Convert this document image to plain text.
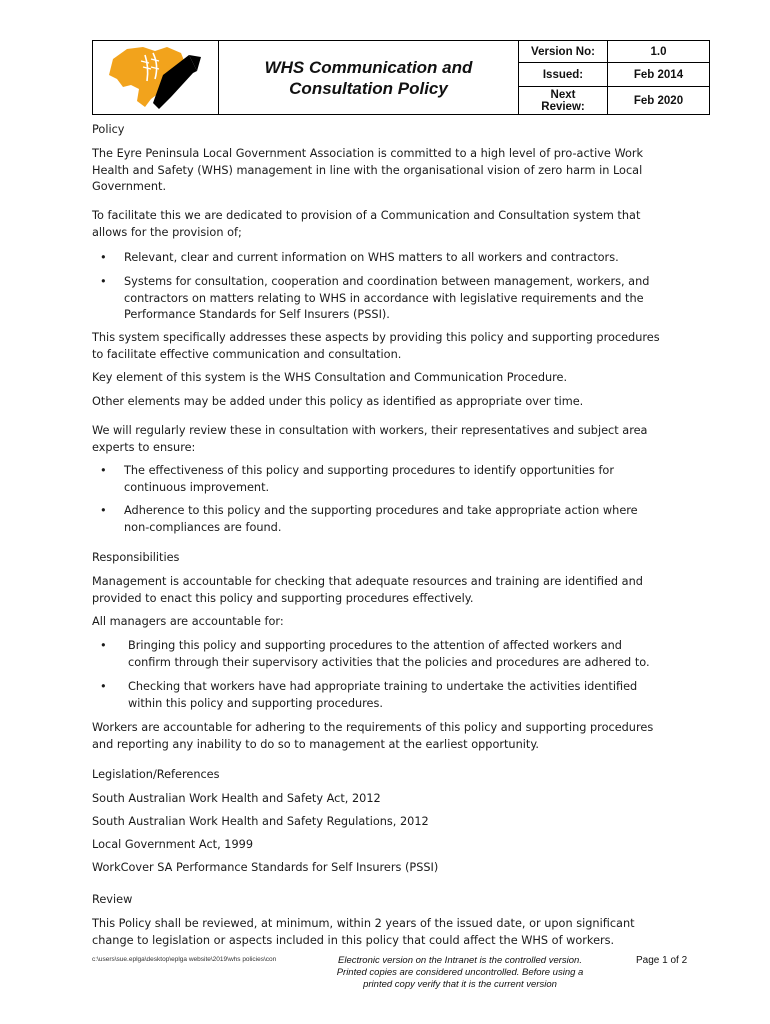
WHS Communication and
Consultation Policy
Version No:	1.0
Issued:	Feb 2014
Next
Review:	Feb 2020
Policy
The Eyre Peninsula Local Government Association is committed to a high level of pro-active Work
Health and Safety (WHS) management in line with the organisational vision of zero harm in Local
Government.
To facilitate this we are dedicated to provision of a Communication and Consultation system that
allows for the provision of;
• Relevant, clear and current information on WHS matters to all workers and contractors.
• Systems for consultation, cooperation and coordination between management, workers, and
contractors on matters relating to WHS in accordance with legislative requirements and the
Performance Standards for Self Insurers (PSSI).
This system specifically addresses these aspects by providing this policy and supporting procedures
to facilitate effective communication and consultation.
Key element of this system is the WHS Consultation and Communication Procedure.
Other elements may be added under this policy as identified as appropriate over time.
We will regularly review these in consultation with workers, their representatives and subject area
experts to ensure:
• The effectiveness of this policy and supporting procedures to identify opportunities for
continuous improvement.
• Adherence to this policy and the supporting procedures and take appropriate action where
non-compliances are found.
Responsibilities
Management is accountable for checking that adequate resources and training are identified and
provided to enact this policy and supporting procedures effectively.
All managers are accountable for:
• Bringing this policy and supporting procedures to the attention of affected workers and
confirm through their supervisory activities that the policies and procedures are adhered to.
• Checking that workers have had appropriate training to undertake the activities identified
within this policy and supporting procedures.
Workers are accountable for adhering to the requirements of this policy and supporting procedures
and reporting any inability to do so to management at the earliest opportunity.
Legislation/References
South Australian Work Health and Safety Act, 2012
South Australian Work Health and Safety Regulations, 2012
Local Government Act, 1999
WorkCover SA Performance Standards for Self Insurers (PSSI)
Review
This Policy shall be reviewed, at minimum, within 2 years of the issued date, or upon significant
change to legislation or aspects included in this policy that could affect the WHS of workers.
c:\users\sue.eplga\desktop\eplga website\2019\whs policies\con	Electronic version on the Intranet is the controlled version.
Printed copies are considered uncontrolled. Before using a
printed copy verify that it is the current version
Page 1 of 2
